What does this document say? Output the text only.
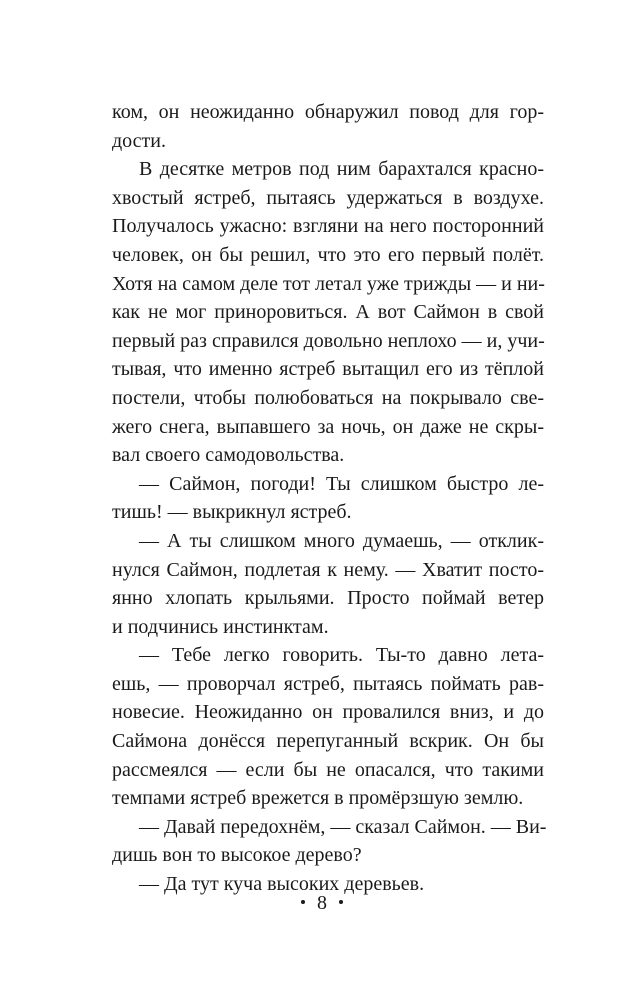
ком, он неожиданно обнаружил повод для гор-
дости.
В десятке метров под ним барахтался красно-
хвостый ястреб, пытаясь удержаться в воздухе.
Получалось ужасно: взгляни на него посторонний
человек, он бы решил, что это его первый полёт.
Хотя на самом деле тот летал уже трижды — и ни-
как не мог приноровиться. А вот Саймон в свой
первый раз справился довольно неплохо — и, учи-
тывая, что именно ястреб вытащил его из тёплой
постели, чтобы полюбоваться на покрывало све-
жего снега, выпавшего за ночь, он даже не скры-
вал своего самодовольства.
— Саймон, погоди! Ты слишком быстро ле-
тишь! — выкрикнул ястреб.
— А ты слишком много думаешь, — отклик-
нулся Саймон, подлетая к нему. — Хватит посто-
янно хлопать крыльями. Просто поймай ветер
и подчинись инстинктам.
— Тебе легко говорить. Ты-то давно лета-
ешь, — проворчал ястреб, пытаясь поймать рав-
новесие. Неожиданно он провалился вниз, и до
Саймона донёсся перепуганный вскрик. Он бы
рассмеялся — если бы не опасался, что такими
темпами ястреб врежется в промёрзшую землю.
— Давай передохнём, — сказал Саймон. — Ви-
дишь вон то высокое дерево?
— Да тут куча высоких деревьев.
8
